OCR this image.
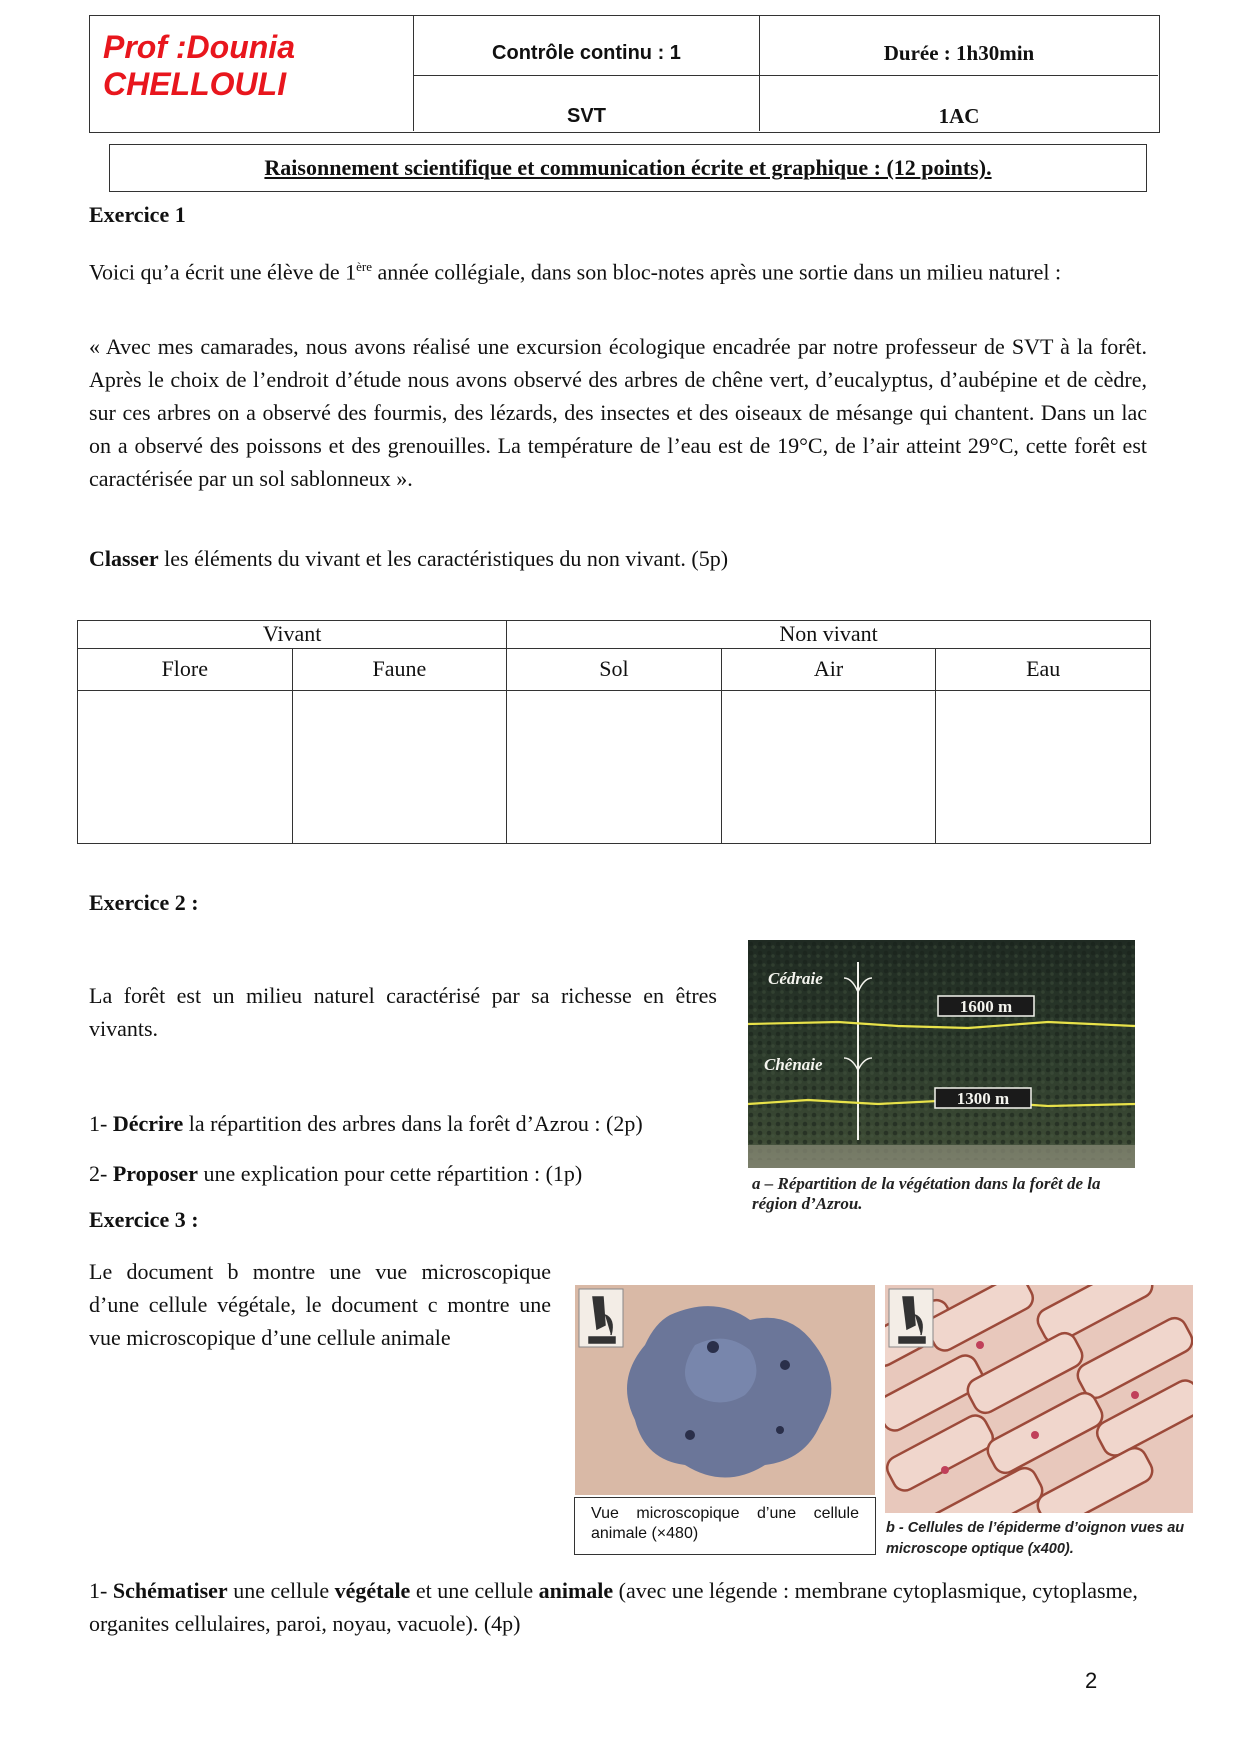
Prof :Dounia
CHELLOULI
Contrôle continu : 1	Durée : 1h30min
SVT	1AC
Raisonnement scientifique et communication écrite et graphique : (12 points).
Exercice 1
Voici qu’a écrit une élève de 1ère année collégiale, dans son bloc-notes après une sortie dans un milieu naturel :
« Avec mes camarades, nous avons réalisé une excursion écologique encadrée par notre professeur de SVT à la forêt. Après le choix de l’endroit d’étude nous avons observé des arbres de chêne vert, d’eucalyptus, d’aubépine et de cèdre, sur ces arbres on a observé des fourmis, des lézards, des insectes et des oiseaux de mésange qui chantent. Dans un lac on a observé des poissons et des grenouilles. La température de l’eau est de 19°C, de l’air atteint 29°C, cette forêt est caractérisée par un sol sablonneux ».
Classer les éléments du vivant et les caractéristiques du non vivant. (5p)
Vivant		Non vivant		
Flore	Faune	Sol	Air	Eau

Exercice 2 :
La forêt est un milieu naturel caractérisé par sa richesse en êtres vivants.
1- Décrire la répartition des arbres dans la forêt d’Azrou : (2p)
2- Proposer une explication pour cette répartition : (1p)
1600 m
1300 m
Cédraie
Chênaie
a – Répartition de la végétation dans la forêt de la région d’Azrou.
Exercice 3 :
Le document b montre une vue microscopique d’une cellule végétale, le document c montre une vue microscopique d’une cellule animale
Vue microscopique d’une cellule animale (×480)	b - Cellules de l’épiderme d’oignon vues au microscope optique (x400).
1- Schématiser une cellule végétale et une cellule animale (avec une légende : membrane cytoplasmique, cytoplasme, organites cellulaires, paroi, noyau, vacuole). (4p)
2
